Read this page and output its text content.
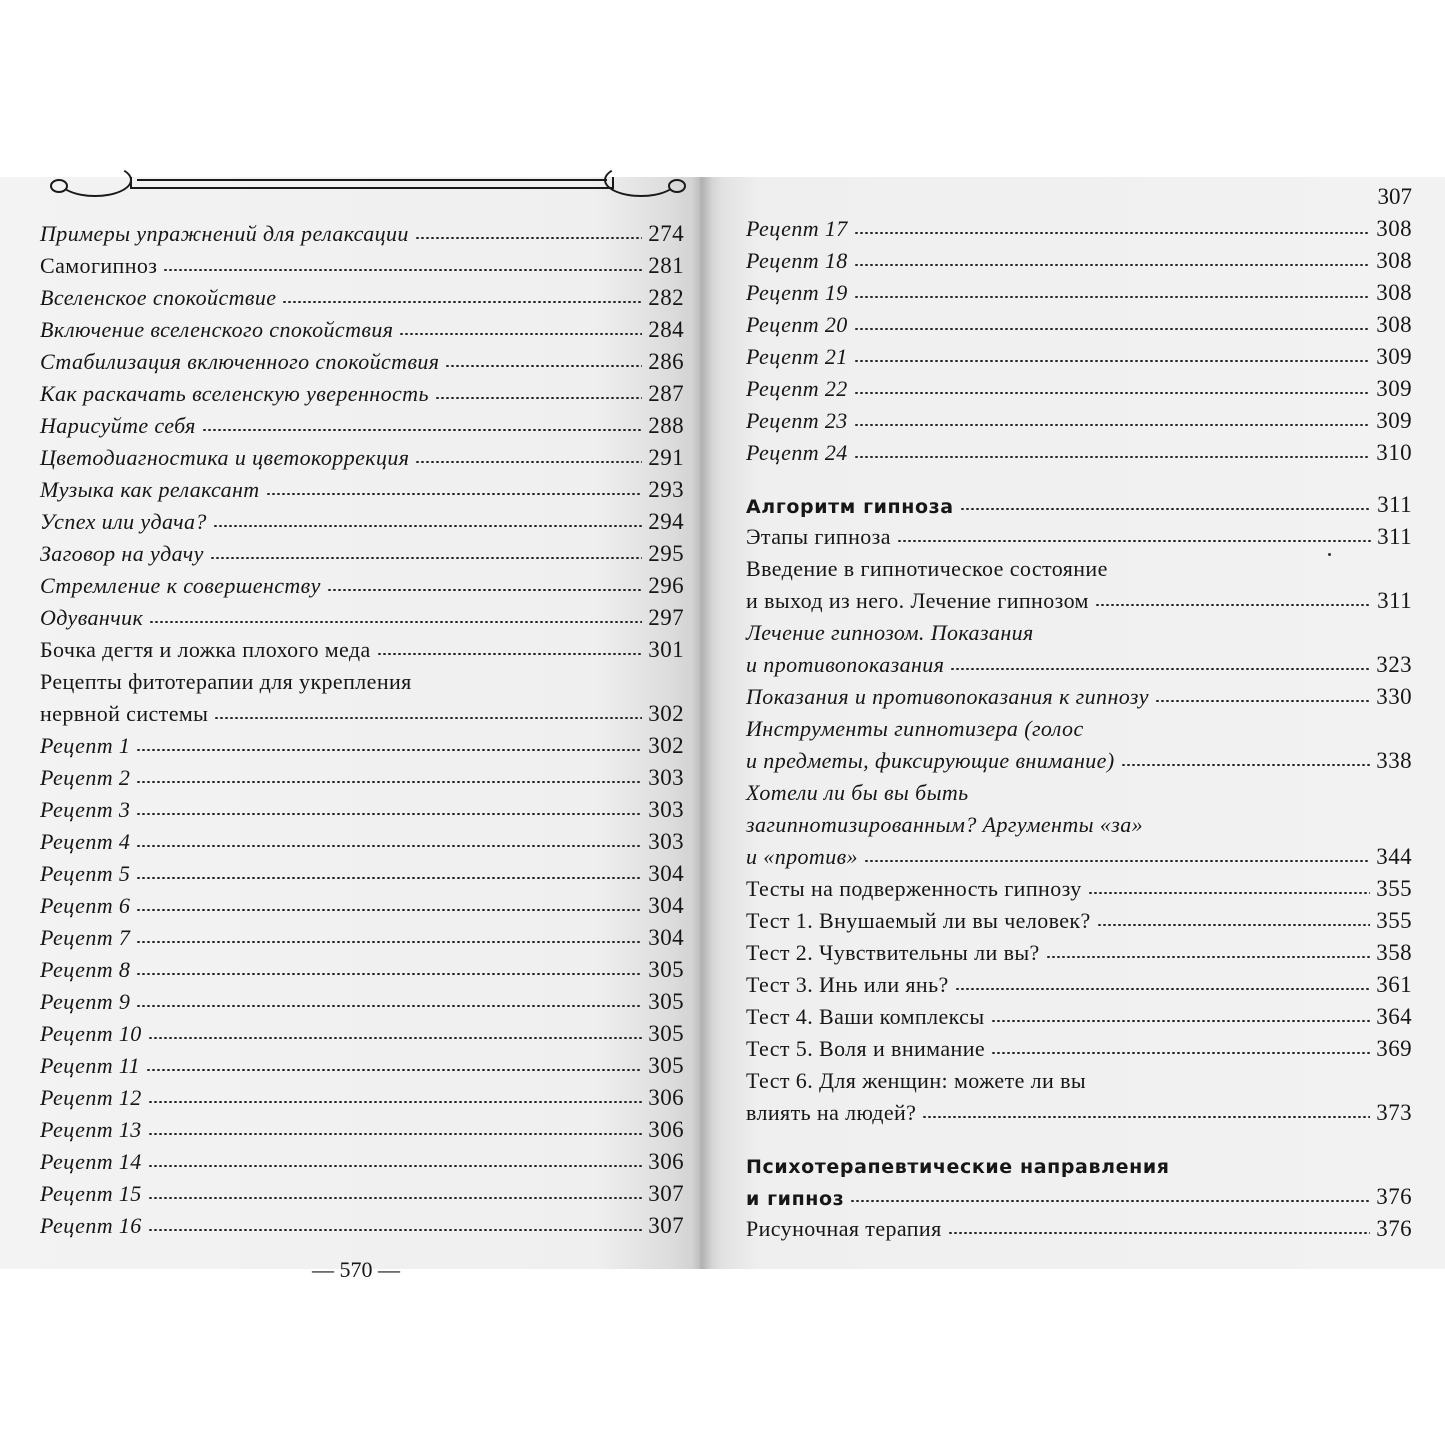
Примеры упражнений для релаксации	274
Самогипноз	281
Вселенское спокойствие	282
Включение вселенского спокойствия	284
Стабилизация включенного спокойствия	286
Как раскачать вселенскую уверенность	287
Нарисуйте себя	288
Цветодиагностика и цветокоррекция	291
Музыка как релаксант	293
Успех или удача?	294
Заговор на удачу	295
Стремление к совершенству	296
Одуванчик	297
Бочка дегтя и ложка плохого меда	301
Рецепты фитотерапии для укрепления
нервной системы	302
Рецепт 1	302
Рецепт 2	303
Рецепт 3	303
Рецепт 4	303
Рецепт 5	304
Рецепт 6	304
Рецепт 7	304
Рецепт 8	305
Рецепт 9	305
Рецепт 10	305
Рецепт 11	305
Рецепт 12	306
Рецепт 13	306
Рецепт 14	306
Рецепт 15	307
Рецепт 16	307
— 570 —
307
Рецепт 17	308
Рецепт 18	308
Рецепт 19	308
Рецепт 20	308
Рецепт 21	309
Рецепт 22	309
Рецепт 23	309
Рецепт 24	310
Алгоритм гипноза	311
Этапы гипноза	311
Введение в гипнотическое состояние
и выход из него. Лечение гипнозом	311
Лечение гипнозом. Показания
и противопоказания	323
Показания и противопоказания к гипнозу	330
Инструменты гипнотизера (голос
и предметы, фиксирующие внимание)	338
Хотели ли бы вы быть
загипнотизированным? Аргументы «за»
и «против»	344
Тесты на подверженность гипнозу	355
Тест 1. Внушаемый ли вы человек?	355
Тест 2. Чувствительны ли вы?	358
Тест 3. Инь или янь?	361
Тест 4. Ваши комплексы	364
Тест 5. Воля и внимание	369
Тест 6. Для женщин: можете ли вы
влиять на людей?	373
Психотерапевтические направления
и гипноз	376
Рисуночная терапия	376
